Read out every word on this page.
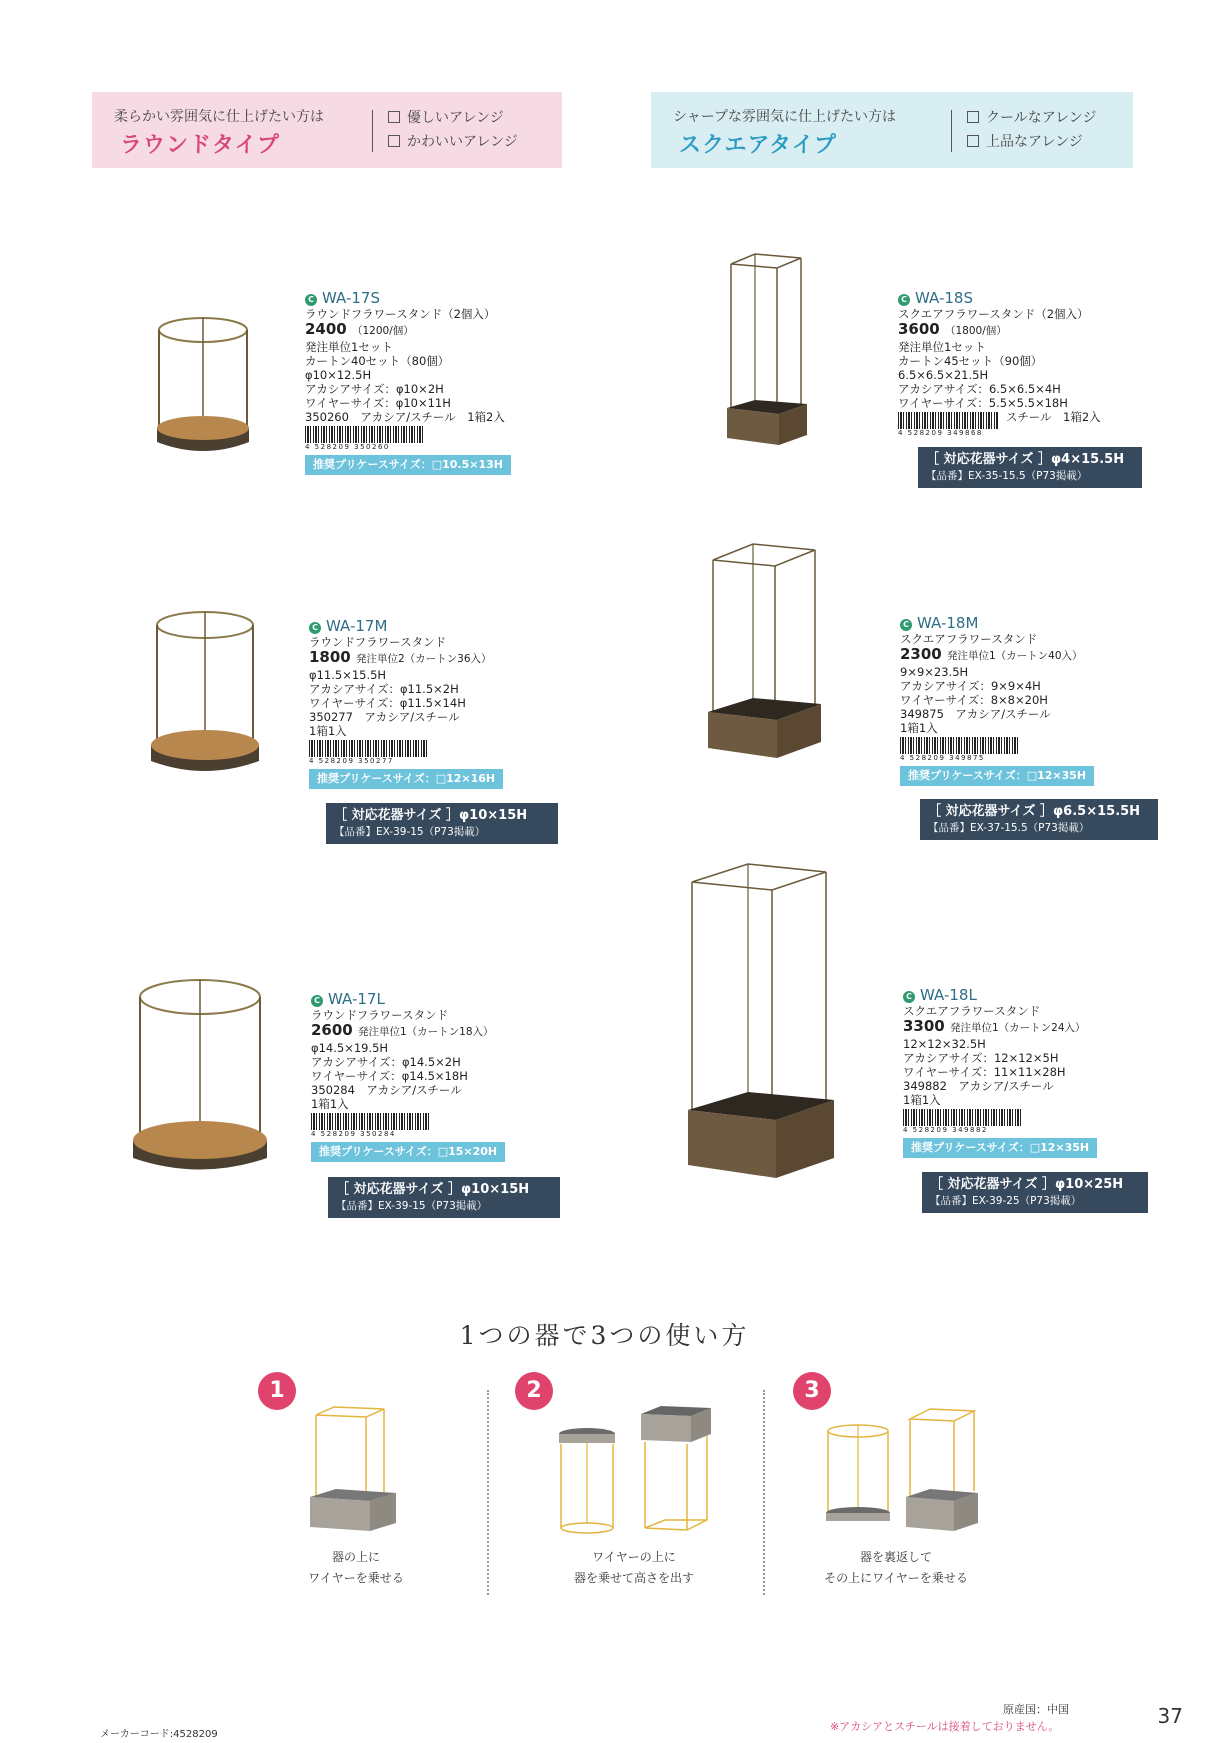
柔らかい雰囲気に仕上げたい方は
ラウンドタイプ
優しいアレンジ
かわいいアレンジ
シャープな雰囲気に仕上げたい方は
スクエアタイプ
クールなアレンジ
上品なアレンジ
C WA-17S
ラウンドフラワースタンド（2個入）
2400 （1200/個）
発注単位1セット
カートン40セット（80個）
φ10×12.5H
アカシアサイズ：φ10×2H
ワイヤーサイズ：φ10×11H
350260　アカシア/スチール　1箱2入
4 528209 350260
推奨プリケースサイズ：□10.5×13H
C WA-17M
ラウンドフラワースタンド
1800 発注単位2（カートン36入）
φ11.5×15.5H
アカシアサイズ：φ11.5×2H
ワイヤーサイズ：φ11.5×14H
350277　アカシア/スチール
1箱1入
4 528209 350277
推奨プリケースサイズ：□12×16H
［ 対応花器サイズ ］φ10×15H
【品番】EX-39-15（P73掲載）
C WA-17L
ラウンドフラワースタンド
2600 発注単位1（カートン18入）
φ14.5×19.5H
アカシアサイズ：φ14.5×2H
ワイヤーサイズ：φ14.5×18H
350284　アカシア/スチール
1箱1入
4 528209 350284
推奨プリケースサイズ：□15×20H
［ 対応花器サイズ ］φ10×15H
【品番】EX-39-15（P73掲載）
C WA-18S
スクエアフラワースタンド（2個入）
3600 （1800/個）
発注単位1セット
カートン45セット（90個）
6.5×6.5×21.5H
アカシアサイズ：6.5×6.5×4H
ワイヤーサイズ：5.5×5.5×18H
スチール　1箱2入
4 528209 349868
［ 対応花器サイズ ］φ4×15.5H
【品番】EX-35-15.5（P73掲載）
C WA-18M
スクエアフラワースタンド
2300 発注単位1（カートン40入）
9×9×23.5H
アカシアサイズ：9×9×4H
ワイヤーサイズ：8×8×20H
349875　アカシア/スチール
1箱1入
4 528209 349875
推奨プリケースサイズ：□12×35H
［ 対応花器サイズ ］φ6.5×15.5H
【品番】EX-37-15.5（P73掲載）
C WA-18L
スクエアフラワースタンド
3300 発注単位1（カートン24入）
12×12×32.5H
アカシアサイズ：12×12×5H
ワイヤーサイズ：11×11×28H
349882　アカシア/スチール
1箱1入
4 528209 349882
推奨プリケースサイズ：□12×35H
［ 対応花器サイズ ］φ10×25H
【品番】EX-39-25（P73掲載）
1つの器で3つの使い方
1	2	3
器の上に
ワイヤーを乗せる
ワイヤーの上に
器を乗せて高さを出す
器を裏返して
その上にワイヤーを乗せる
メーカーコード:4528209
原産国：中国
※アカシアとスチールは接着しておりません。	37
